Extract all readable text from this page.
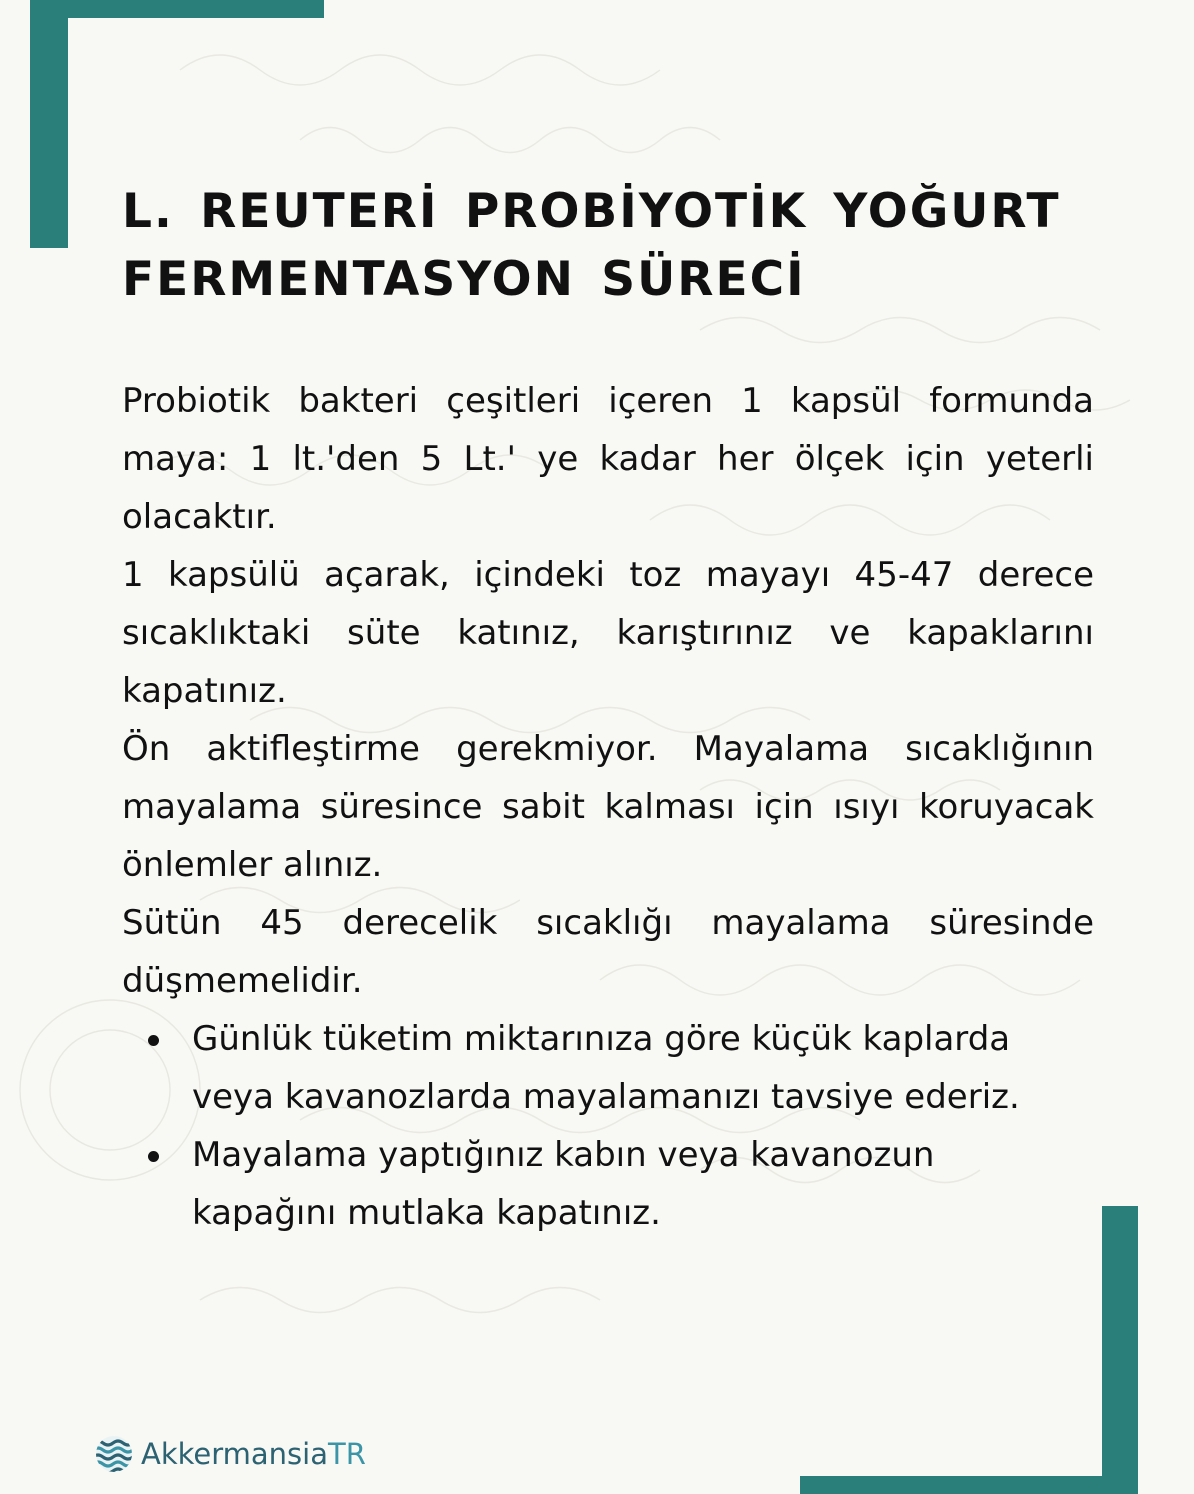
L. REUTERİ PROBİYOTİK YOĞURT
FERMENTASYON SÜRECİ

Probiotik bakteri çeşitleri içeren 1 kapsül formunda maya: 1 lt.'den 5 Lt.' ye kadar her ölçek için yeterli olacaktır.

1 kapsülü açarak, içindeki toz mayayı 45-47 derece sıcaklıktaki süte katınız, karıştırınız ve kapaklarını kapatınız.

Ön aktifleştirme gerekmiyor. Mayalama sıcaklığının mayalama süresince sabit kalması için ısıyı koruyacak önlemler alınız.

Sütün 45 derecelik sıcaklığı mayalama süresinde düşmemelidir.

Günlük tüketim miktarınıza göre küçük kaplarda veya kavanozlarda mayalamanızı tavsiye ederiz.
Mayalama yaptığınız kabın veya kavanozun kapağını mutlaka kapatınız.
AkkermansiaTR
